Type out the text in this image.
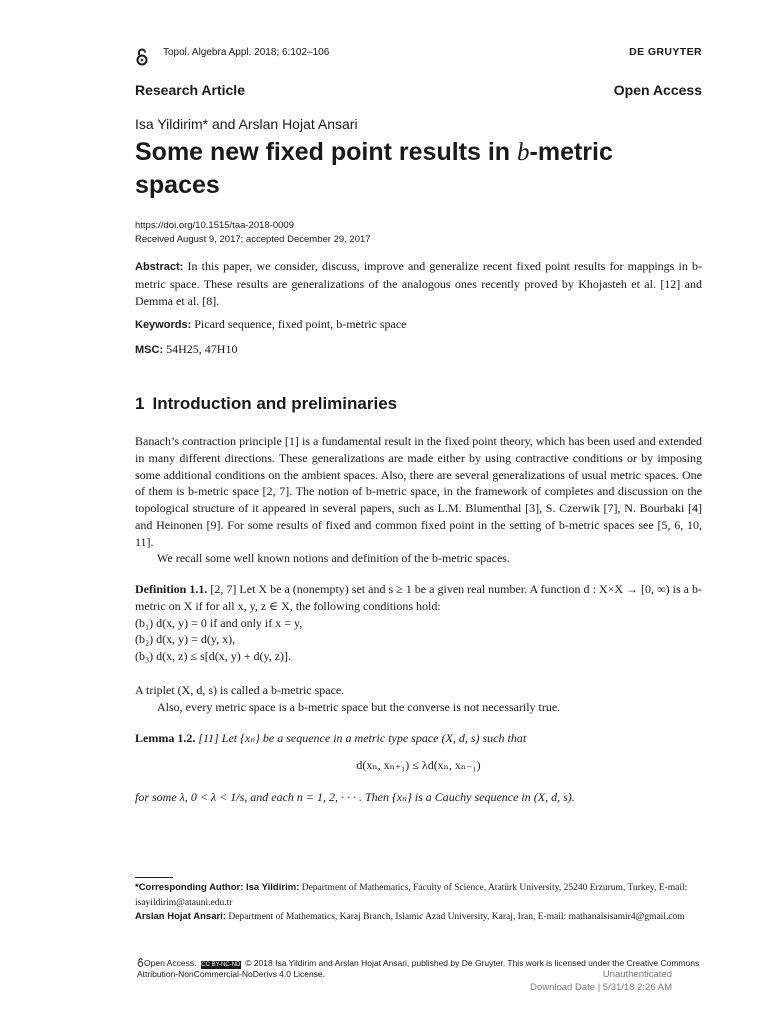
Topol. Algebra Appl. 2018; 6:102–106	DE GRUYTER
Research Article	Open Access
Isa Yildirim* and Arslan Hojat Ansari
Some new fixed point results in b-metric spaces
https://doi.org/10.1515/taa-2018-0009
Received August 9, 2017; accepted December 29, 2017
Abstract: In this paper, we consider, discuss, improve and generalize recent fixed point results for mappings in b-metric space. These results are generalizations of the analogous ones recently proved by Khojasteh et al. [12] and Demma et al. [8].
Keywords: Picard sequence, fixed point, b-metric space
MSC: 54H25, 47H10
1 Introduction and preliminaries
Banach’s contraction principle [1] is a fundamental result in the fixed point theory, which has been used and extended in many different directions. These generalizations are made either by using contractive conditions or by imposing some additional conditions on the ambient spaces. Also, there are several generalizations of usual metric spaces. One of them is b-metric space [2, 7]. The notion of b-metric space, in the framework of completes and discussion on the topological structure of it appeared in several papers, such as L.M. Blumenthal [3], S. Czerwik [7], N. Bourbaki [4] and Heinonen [9]. For some results of fixed and common fixed point in the setting of b-metric spaces see [5, 6, 10, 11].
We recall some well known notions and definition of the b-metric spaces.
Definition 1.1. [2, 7] Let X be a (nonempty) set and s ≥ 1 be a given real number. A function d : X×X → [0, ∞) is a b-metric on X if for all x, y, z ∈ X, the following conditions hold:
(b₁) d(x, y) = 0 if and only if x = y,
(b₂) d(x, y) = d(y, x),
(b₃) d(x, z) ≤ s[d(x, y) + d(y, z)].
A triplet (X, d, s) is called a b-metric space.
Also, every metric space is a b-metric space but the converse is not necessarily true.
Lemma 1.2. [11] Let {xₙ} be a sequence in a metric type space (X, d, s) such that
d(xₙ, xₙ₊₁) ≤ λd(xₙ, xₙ₋₁)
for some λ, 0 < λ < 1/s, and each n = 1, 2, · · · . Then {xₙ} is a Cauchy sequence in (X, d, s).
*Corresponding Author: Isa Yildirim: Department of Mathematics, Faculty of Science, Atatürk University, 25240 Erzurum, Turkey, E-mail: isayildirim@atauni.edu.tr
Arslan Hojat Ansari: Department of Mathematics, Karaj Branch, Islamic Azad University, Karaj, Iran, E-mail: mathanalsisamir4@gmail.com
Open Access. CC BY-NC-ND © 2018 Isa Yildirim and Arslan Hojat Ansari, published by De Gruyter. This work is licensed under the Creative Commons Attribution-NonCommercial-NoDerivs 4.0 License.	Unauthenticated
Download Date | 5/31/18 2:26 AM
